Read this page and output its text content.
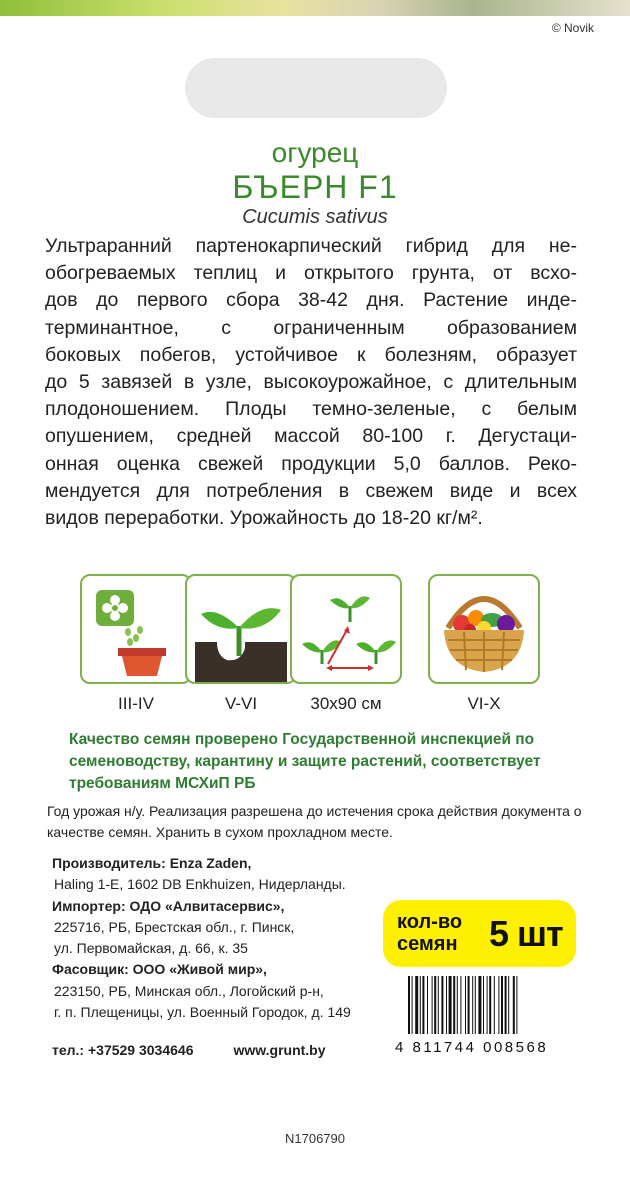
© Novik
огурец
БЪЕРН F1
Cucumis sativus
Ультраранний партенокарпический гибрид для не-
обогреваемых теплиц и открытого грунта, от всхо-
дов до первого сбора 38-42 дня. Растение инде-
терминантное, с ограниченным образованием
боковых побегов, устойчивое к болезням, образует
до 5 завязей в узле, высокоурожайное, с длительным
плодоношением. Плоды темно-зеленые, с белым
опушением, средней массой 80-100 г. Дегустаци-
онная оценка свежей продукции 5,0 баллов. Реко-
мендуется для потребления в свежем виде и всех
видов переработки. Урожайность до 18-20 кг/м².
III-IV	V-VI	30x90 см	VI-X
Качество семян проверено Государственной инспекцией по семеноводству, карантину и защите растений, соответствует требованиям МСХиП РБ
Год урожая н/у. Реализация разрешена до истечения срока действия документа о качестве семян. Хранить в сухом прохладном месте.
Производитель: Enza Zaden,
Haling 1-E, 1602 DB Enkhuizen, Нидерланды.
Импортер: ОДО «Алвитасервис»,
225716, РБ, Брестская обл., г. Пинск,
ул. Первомайская, д. 66, к. 35
Фасовщик: ООО «Живой мир»,
223150, РБ, Минская обл., Логойский р-н,
г. п. Плещеницы, ул. Военный Городок, д. 149
тел.: +37529 3034646	www.grunt.by
кол-во
семян 5 шт
4 811744 008568
N1706790
